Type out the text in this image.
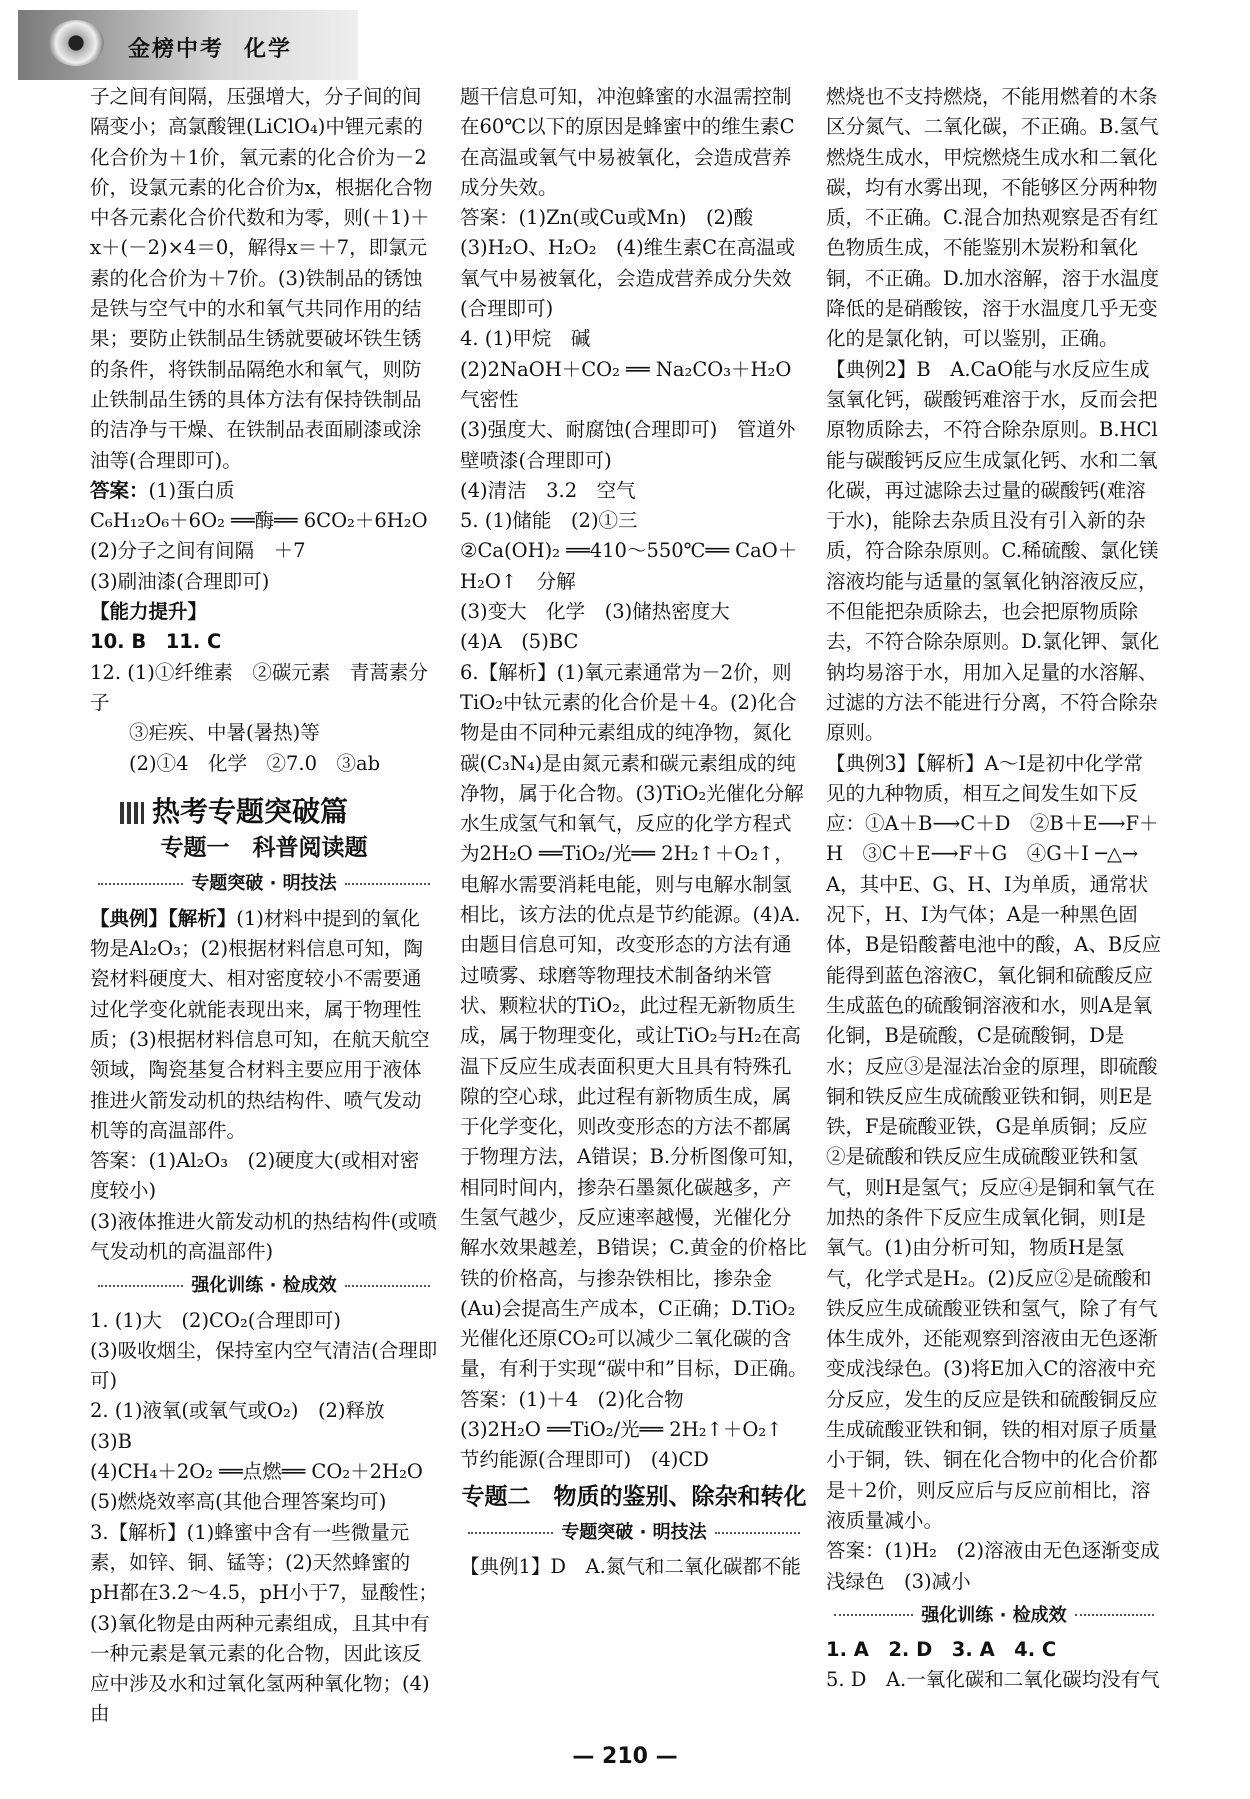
金榜中考 化学

子之间有间隔，压强增大，分子间的间隔变小；高氯酸锂(LiClO₄)中锂元素的化合价为＋1价，氧元素的化合价为－2价，设氯元素的化合价为x，根据化合物中各元素化合价代数和为零，则(＋1)＋x＋(－2)×4＝0，解得x＝＋7，即氯元素的化合价为＋7价。(3)铁制品的锈蚀是铁与空气中的水和氧气共同作用的结果；要防止铁制品生锈就要破坏铁生锈的条件，将铁制品隔绝水和氧气，则防止铁制品生锈的具体方法有保持铁制品的洁净与干燥、在铁制品表面刷漆或涂油等(合理即可)。

答案：(1)蛋白质

C₆H₁₂O₆＋6O₂ ══酶══ 6CO₂＋6H₂O

(2)分子之间有间隔　＋7

(3)刷油漆(合理即可)

【能力提升】

10. B　11. C

12. (1)①纤维素　②碳元素　青蒿素分子

　　③疟疾、中暑(暑热)等

　　(2)①4　化学　②7.0　③ab

热考专题突破篇
专题一　科普阅读题
专题突破 · 明技法

【典例】【解析】(1)材料中提到的氧化物是Al₂O₃；(2)根据材料信息可知，陶瓷材料硬度大、相对密度较小不需要通过化学变化就能表现出来，属于物理性质；(3)根据材料信息可知，在航天航空领域，陶瓷基复合材料主要应用于液体推进火箭发动机的热结构件、喷气发动机等的高温部件。

答案：(1)Al₂O₃　(2)硬度大(或相对密度较小)

(3)液体推进火箭发动机的热结构件(或喷气发动机的高温部件)

强化训练 · 检成效

1. (1)大　(2)CO₂(合理即可)

(3)吸收烟尘，保持室内空气清洁(合理即可)

2. (1)液氧(或氧气或O₂)　(2)释放

(3)B

(4)CH₄＋2O₂ ══点燃══ CO₂＋2H₂O

(5)燃烧效率高(其他合理答案均可)

3.【解析】(1)蜂蜜中含有一些微量元素，如锌、铜、锰等；(2)天然蜂蜜的pH都在3.2～4.5，pH小于7，显酸性；(3)氧化物是由两种元素组成，且其中有一种元素是氧元素的化合物，因此该反应中涉及水和过氧化氢两种氧化物；(4)由

题干信息可知，冲泡蜂蜜的水温需控制在60℃以下的原因是蜂蜜中的维生素C在高温或氧气中易被氧化，会造成营养成分失效。

答案：(1)Zn(或Cu或Mn)　(2)酸

(3)H₂O、H₂O₂　(4)维生素C在高温或氧气中易被氧化，会造成营养成分失效(合理即可)

4. (1)甲烷　碱

(2)2NaOH＋CO₂ ══ Na₂CO₃＋H₂O　气密性

(3)强度大、耐腐蚀(合理即可)　管道外壁喷漆(合理即可)

(4)清洁　3.2　空气

5. (1)储能　(2)①三

②Ca(OH)₂ ══410～550℃══ CaO＋H₂O↑　分解

(3)变大　化学　(3)储热密度大

(4)A　(5)BC

6.【解析】(1)氧元素通常为－2价，则TiO₂中钛元素的化合价是＋4。(2)化合物是由不同种元素组成的纯净物，氮化碳(C₃N₄)是由氮元素和碳元素组成的纯净物，属于化合物。(3)TiO₂光催化分解水生成氢气和氧气，反应的化学方程式为2H₂O ══TiO₂/光══ 2H₂↑＋O₂↑，电解水需要消耗电能，则与电解水制氢相比，该方法的优点是节约能源。(4)A.由题目信息可知，改变形态的方法有通过喷雾、球磨等物理技术制备纳米管状、颗粒状的TiO₂，此过程无新物质生成，属于物理变化，或让TiO₂与H₂在高温下反应生成表面积更大且具有特殊孔隙的空心球，此过程有新物质生成，属于化学变化，则改变形态的方法不都属于物理方法，A错误；B.分析图像可知，相同时间内，掺杂石墨氮化碳越多，产生氢气越少，反应速率越慢，光催化分解水效果越差，B错误；C.黄金的价格比铁的价格高，与掺杂铁相比，掺杂金(Au)会提高生产成本，C正确；D.TiO₂光催化还原CO₂可以减少二氧化碳的含量，有利于实现“碳中和”目标，D正确。

答案：(1)＋4　(2)化合物

(3)2H₂O ══TiO₂/光══ 2H₂↑＋O₂↑　节约能源(合理即可)　(4)CD

专题二　物质的鉴别、除杂和转化
专题突破 · 明技法

【典例1】D　A.氮气和二氧化碳都不能

燃烧也不支持燃烧，不能用燃着的木条区分氮气、二氧化碳，不正确。B.氢气燃烧生成水，甲烷燃烧生成水和二氧化碳，均有水雾出现，不能够区分两种物质，不正确。C.混合加热观察是否有红色物质生成，不能鉴别木炭粉和氧化铜，不正确。D.加水溶解，溶于水温度降低的是硝酸铵，溶于水温度几乎无变化的是氯化钠，可以鉴别，正确。

【典例2】B　A.CaO能与水反应生成氢氧化钙，碳酸钙难溶于水，反而会把原物质除去，不符合除杂原则。B.HCl能与碳酸钙反应生成氯化钙、水和二氧化碳，再过滤除去过量的碳酸钙(难溶于水)，能除去杂质且没有引入新的杂质，符合除杂原则。C.稀硫酸、氯化镁溶液均能与适量的氢氧化钠溶液反应，不但能把杂质除去，也会把原物质除去，不符合除杂原则。D.氯化钾、氯化钠均易溶于水，用加入足量的水溶解、过滤的方法不能进行分离，不符合除杂原则。

【典例3】【解析】A～I是初中化学常见的九种物质，相互之间发生如下反应：①A＋B⟶C＋D　②B＋E⟶F＋H　③C＋E⟶F＋G　④G＋I ─△→ A，其中E、G、H、I为单质，通常状况下，H、I为气体；A是一种黑色固体，B是铅酸蓄电池中的酸，A、B反应能得到蓝色溶液C，氧化铜和硫酸反应生成蓝色的硫酸铜溶液和水，则A是氧化铜，B是硫酸，C是硫酸铜，D是水；反应③是湿法冶金的原理，即硫酸铜和铁反应生成硫酸亚铁和铜，则E是铁，F是硫酸亚铁，G是单质铜；反应②是硫酸和铁反应生成硫酸亚铁和氢气，则H是氢气；反应④是铜和氧气在加热的条件下反应生成氧化铜，则I是氧气。(1)由分析可知，物质H是氢气，化学式是H₂。(2)反应②是硫酸和铁反应生成硫酸亚铁和氢气，除了有气体生成外，还能观察到溶液由无色逐渐变成浅绿色。(3)将E加入C的溶液中充分反应，发生的反应是铁和硫酸铜反应生成硫酸亚铁和铜，铁的相对原子质量小于铜，铁、铜在化合物中的化合价都是＋2价，则反应后与反应前相比，溶液质量减小。

答案：(1)H₂　(2)溶液由无色逐渐变成浅绿色　(3)减小

强化训练 · 检成效

1. A　2. D　3. A　4. C

5. D　A.一氧化碳和二氧化碳均没有气

— 210 —
